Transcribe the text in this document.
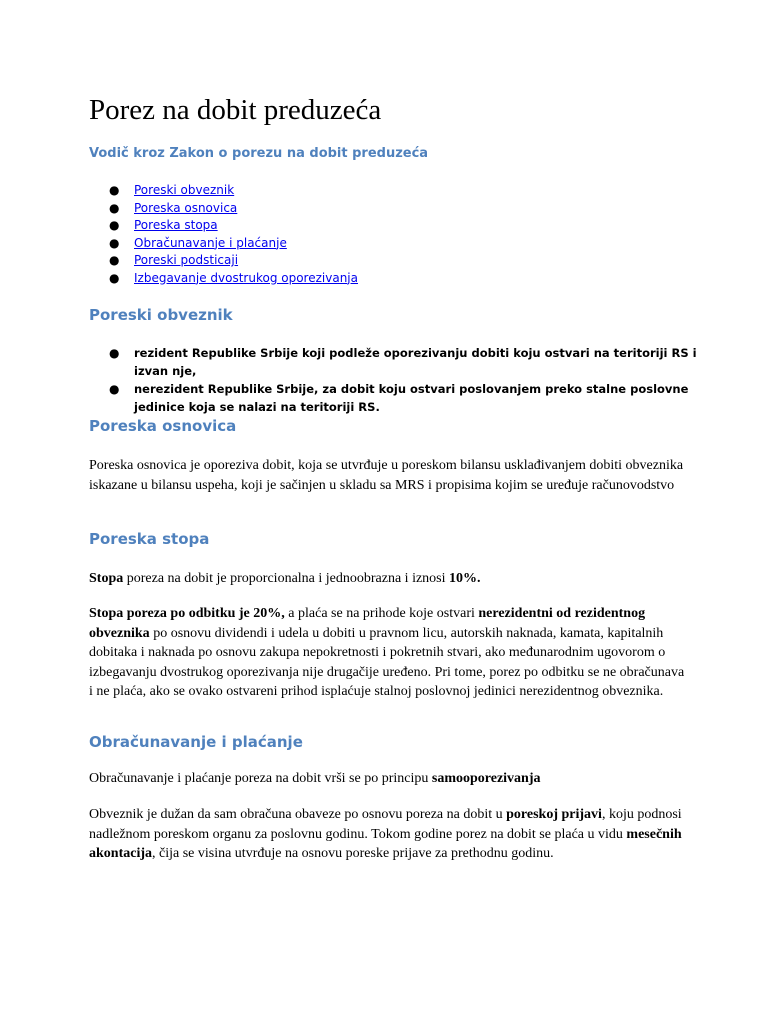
Porez na dobit preduzeća
Vodič kroz Zakon o porezu na dobit preduzeća
● Poreski obveznik
● Poreska osnovica
● Poreska stopa
● Obračunavanje i plaćanje
● Poreski podsticaji
● Izbegavanje dvostrukog oporezivanja
Poreski obveznik
● rezident Republike Srbije koji podleže oporezivanju dobiti koju ostvari na teritoriji RS i izvan nje,
● nerezident Republike Srbije, za dobit koju ostvari poslovanjem preko stalne poslovne jedinice koja se nalazi na teritoriji RS.
Poreska osnovica

Poreska osnovica je oporeziva dobit, koja se utvrđuje u poreskom bilansu usklađivanjem dobiti obveznika iskazane u bilansu uspeha, koji je sačinjen u skladu sa MRS i propisima kojim se uređuje računovodstvo

Poreska stopa

Stopa poreza na dobit je proporcionalna i jednoobrazna i iznosi 10%.

Stopa poreza po odbitku je 20%, a plaća se na prihode koje ostvari nerezidentni od rezidentnog obveznika po osnovu dividendi i udela u dobiti u pravnom licu, autorskih naknada, kamata, kapitalnih dobitaka i naknada po osnovu zakupa nepokretnosti i pokretnih stvari, ako međunarodnim ugovorom o izbegavanju dvostrukog oporezivanja nije drugačije uređeno. Pri tome, porez po odbitku se ne obračunava i ne plaća, ako se ovako ostvareni prihod isplaćuje stalnoj poslovnoj jedinici nerezidentnog obveznika.

Obračunavanje i plaćanje

Obračunavanje i plaćanje poreza na dobit vrši se po principu samooporezivanja

Obveznik je dužan da sam obračuna obaveze po osnovu poreza na dobit u poreskoj prijavi, koju podnosi nadležnom poreskom organu za poslovnu godinu. Tokom godine porez na dobit se plaća u vidu mesečnih akontacija, čija se visina utvrđuje na osnovu poreske prijave za prethodnu godinu.
